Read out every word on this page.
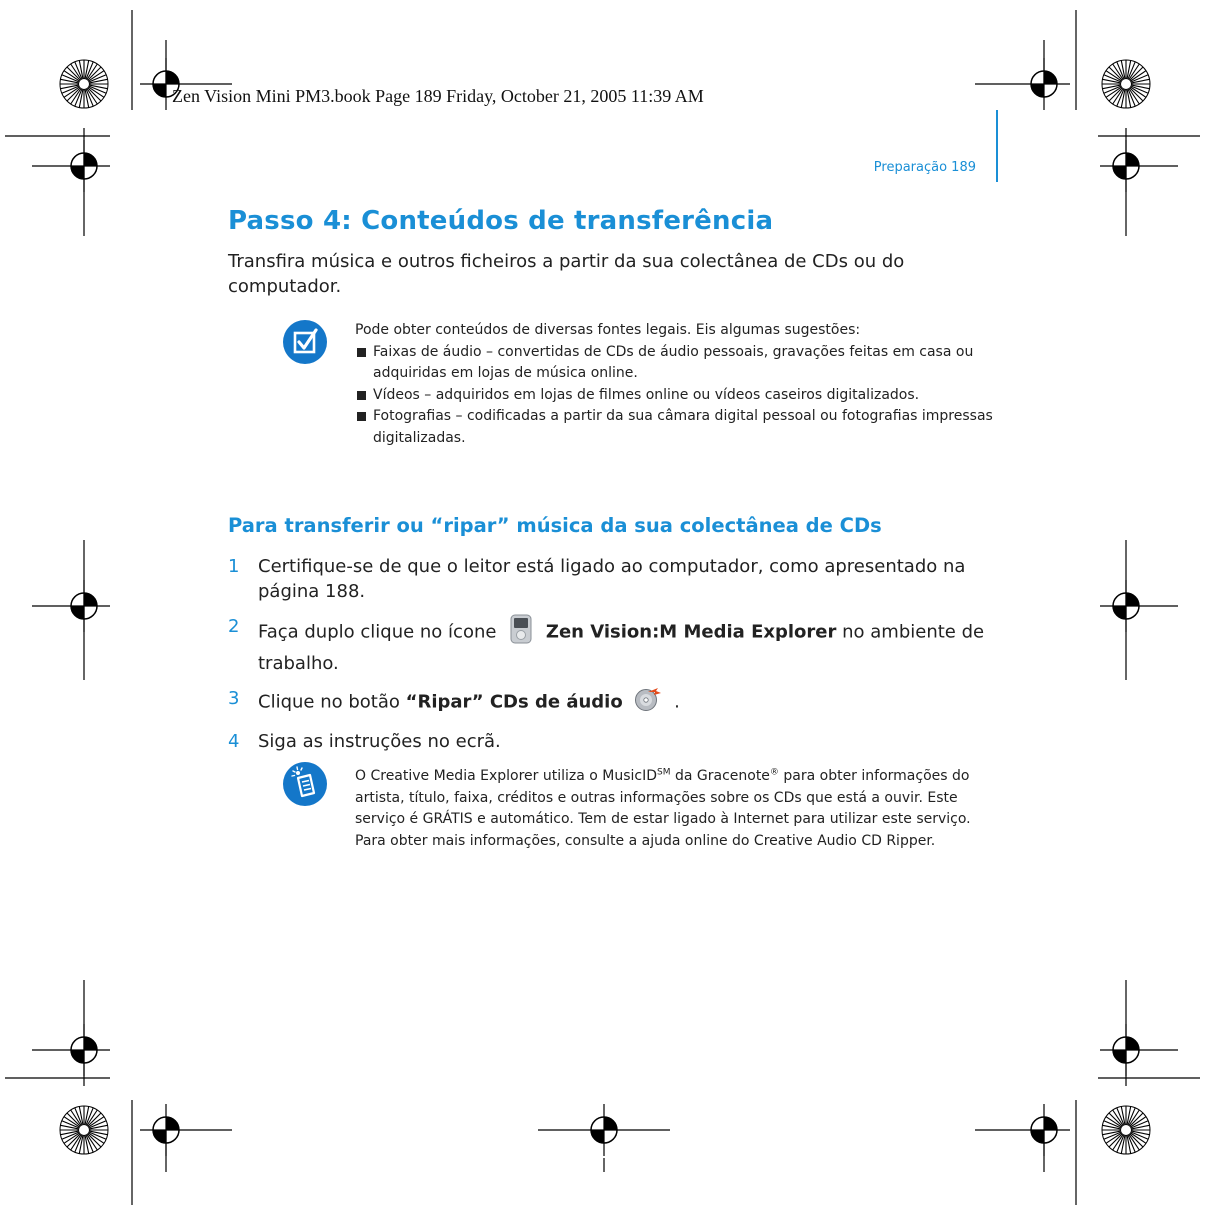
Zen Vision Mini PM3.book Page 189 Friday, October 21, 2005 11:39 AM
Preparação 189
Passo 4: Conteúdos de transferência
Transfira música e outros ficheiros a partir da sua colectânea de CDs ou do computador.

Pode obter conteúdos de diversas fontes legais. Eis algumas sugestões:

Faixas de áudio – convertidas de CDs de áudio pessoais, gravações feitas em casa ou adquiridas em lojas de música online.
Vídeos – adquiridos em lojas de filmes online ou vídeos caseiros digitalizados.
Fotografias – codificadas a partir da sua câmara digital pessoal ou fotografias impressas digitalizadas.
Para transferir ou “ripar” música da sua colectânea de CDs
1 Certifique-se de que o leitor está ligado ao computador, como apresentado na página 188.
2 Faça duplo clique no ícone	Zen Vision:M Media Explorer no ambiente de trabalho.
3 Clique no botão “Ripar” CDs de áudio	.
4 Siga as instruções no ecrã.

O Creative Media Explorer utiliza o MusicID℠ da Gracenote® para obter informações do artista, título, faixa, créditos e outras informações sobre os CDs que está a ouvir. Este serviço é GRÁTIS e automático. Tem de estar ligado à Internet para utilizar este serviço. Para obter mais informações, consulte a ajuda online do Creative Audio CD Ripper.
